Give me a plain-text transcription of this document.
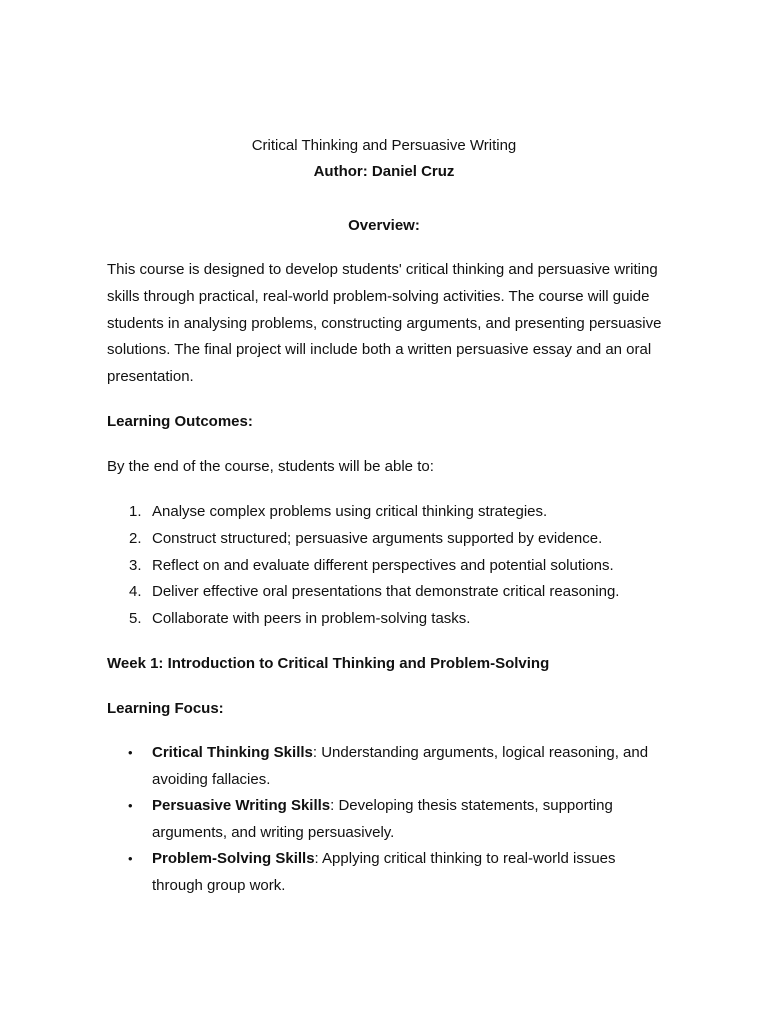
Critical Thinking and Persuasive Writing
Author: Daniel Cruz
Overview:
This course is designed to develop students' critical thinking and persuasive writing skills through practical, real-world problem-solving activities. The course will guide students in analysing problems, constructing arguments, and presenting persuasive solutions. The final project will include both a written persuasive essay and an oral presentation.
Learning Outcomes:
By the end of the course, students will be able to:
1. Analyse complex problems using critical thinking strategies.
2. Construct structured; persuasive arguments supported by evidence.
3. Reflect on and evaluate different perspectives and potential solutions.
4. Deliver effective oral presentations that demonstrate critical reasoning.
5. Collaborate with peers in problem-solving tasks.
Week 1: Introduction to Critical Thinking and Problem-Solving
Learning Focus:
• Critical Thinking Skills: Understanding arguments, logical reasoning, and avoiding fallacies.
• Persuasive Writing Skills: Developing thesis statements, supporting arguments, and writing persuasively.
• Problem-Solving Skills: Applying critical thinking to real-world issues through group work.
